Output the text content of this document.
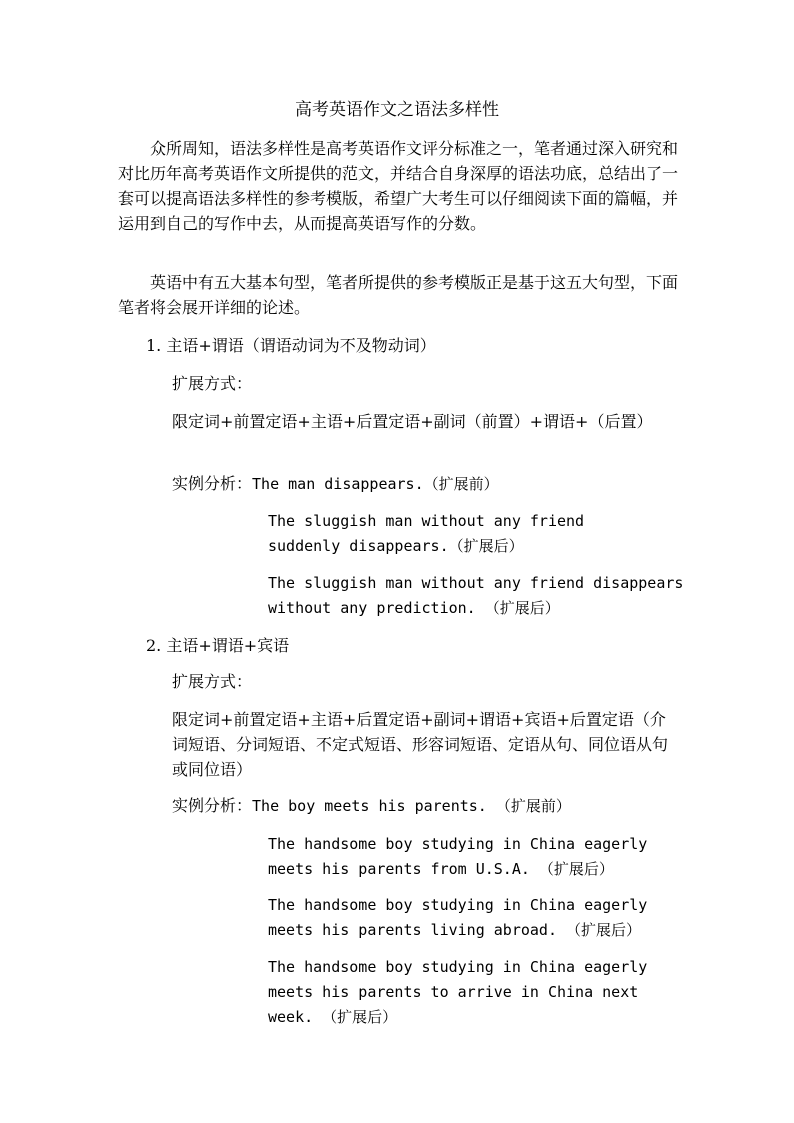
高考英语作文之语法多样性

众所周知，语法多样性是高考英语作文评分标准之一，笔者通过深入研究和对比历年高考英语作文所提供的范文，并结合自身深厚的语法功底，总结出了一套可以提高语法多样性的参考模版，希望广大考生可以仔细阅读下面的篇幅，并运用到自己的写作中去，从而提高英语写作的分数。

英语中有五大基本句型，笔者所提供的参考模版正是基于这五大句型，下面笔者将会展开详细的论述。

1. 主语+谓语（谓语动词为不及物动词）
扩展方式：
限定词+前置定语+主语+后置定语+副词（前置）+谓语+（后置）
实例分析：The man disappears.（扩展前）
The sluggish man without any friend suddenly disappears.（扩展后）
The sluggish man without any friend disappears without any prediction. （扩展后）
2. 主语+谓语+宾语
扩展方式：
限定词+前置定语+主语+后置定语+副词+谓语+宾语+后置定语（介词短语、分词短语、不定式短语、形容词短语、定语从句、同位语从句或同位语）
实例分析：The boy meets his parents. （扩展前）
The handsome boy studying in China eagerly meets his parents from U.S.A. （扩展后）
The handsome boy studying in China eagerly meets his parents living abroad. （扩展后）
The handsome boy studying in China eagerly meets his parents to arrive in China next week. （扩展后）
